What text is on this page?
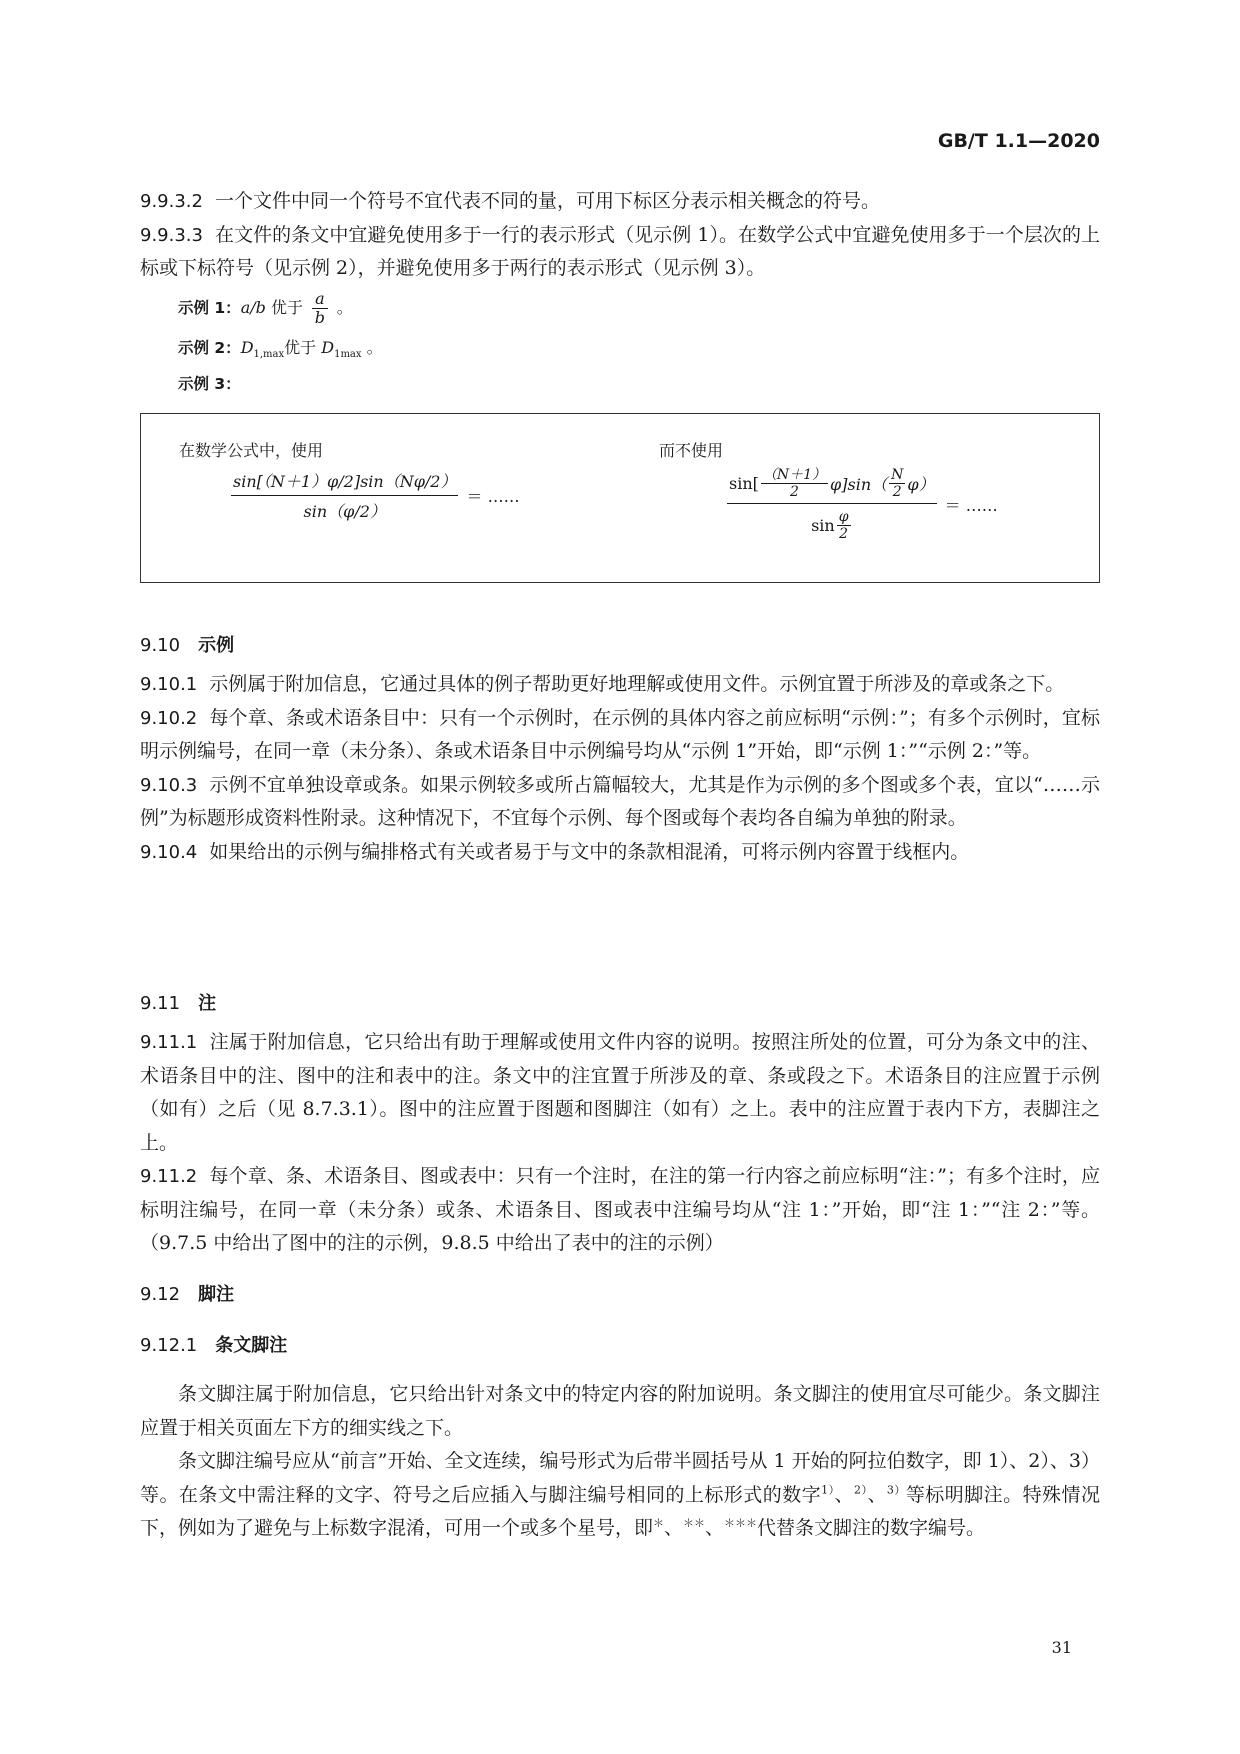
GB/T 1.1—2020

9.9.3.2 一个文件中同一个符号不宜代表不同的量，可用下标区分表示相关概念的符号。

9.9.3.3 在文件的条文中宜避免使用多于一行的表示形式（见示例 1）。在数学公式中宜避免使用多于一个层次的上标或下标符号（见示例 2），并避免使用多于两行的表示形式（见示例 3）。

示例 1：a/b 优于 $\frac{a}{b}$ 。
示例 2：$D_{1,max}$优于 $D_{1max}$ 。
示例 3：
在数学公式中，使用
$\frac{\sin[(N+1)\varphi/2]\sin(N\varphi/2)}{\sin(\varphi/2)}$ ＝ ……
而不使用
$\sin[ \frac{(N+1)}{2} \varphi]\sin( \frac{N}{2} \varphi)$
$\sin \frac{\varphi}{2}$
＝ ……
9.10 示例

9.10.1 示例属于附加信息，它通过具体的例子帮助更好地理解或使用文件。示例宜置于所涉及的章或条之下。

9.10.2 每个章、条或术语条目中：只有一个示例时，在示例的具体内容之前应标明“示例：”；有多个示例时，宜标明示例编号，在同一章（未分条）、条或术语条目中示例编号均从“示例 1”开始，即“示例 1：”“示例 2：”等。

9.10.3 示例不宜单独设章或条。如果示例较多或所占篇幅较大，尤其是作为示例的多个图或多个表，宜以“……示例”为标题形成资料性附录。这种情况下，不宜每个示例、每个图或每个表均各自编为单独的附录。

9.10.4 如果给出的示例与编排格式有关或者易于与文中的条款相混淆，可将示例内容置于线框内。

9.11 注

9.11.1 注属于附加信息，它只给出有助于理解或使用文件内容的说明。按照注所处的位置，可分为条文中的注、术语条目中的注、图中的注和表中的注。条文中的注宜置于所涉及的章、条或段之下。术语条目的注应置于示例（如有）之后（见 8.7.3.1）。图中的注应置于图题和图脚注（如有）之上。表中的注应置于表内下方，表脚注之上。

9.11.2 每个章、条、术语条目、图或表中：只有一个注时，在注的第一行内容之前应标明“注：”；有多个注时，应标明注编号，在同一章（未分条）或条、术语条目、图或表中注编号均从“注 1：”开始，即“注 1：”“注 2：”等。（9.7.5 中给出了图中的注的示例，9.8.5 中给出了表中的注的示例）

9.12 脚注
9.12.1 条文脚注

条文脚注属于附加信息，它只给出针对条文中的特定内容的附加说明。条文脚注的使用宜尽可能少。条文脚注应置于相关页面左下方的细实线之下。

条文脚注编号应从“前言”开始、全文连续，编号形式为后带半圆括号从 1 开始的阿拉伯数字，即 1）、2）、3）等。在条文中需注释的文字、符号之后应插入与脚注编号相同的上标形式的数字$^{1)}$、$^{2)}$、$^{3)}$等标明脚注。特殊情况下，例如为了避免与上标数字混淆，可用一个或多个星号，即＊、＊＊、＊＊＊代替条文脚注的数字编号。

31
